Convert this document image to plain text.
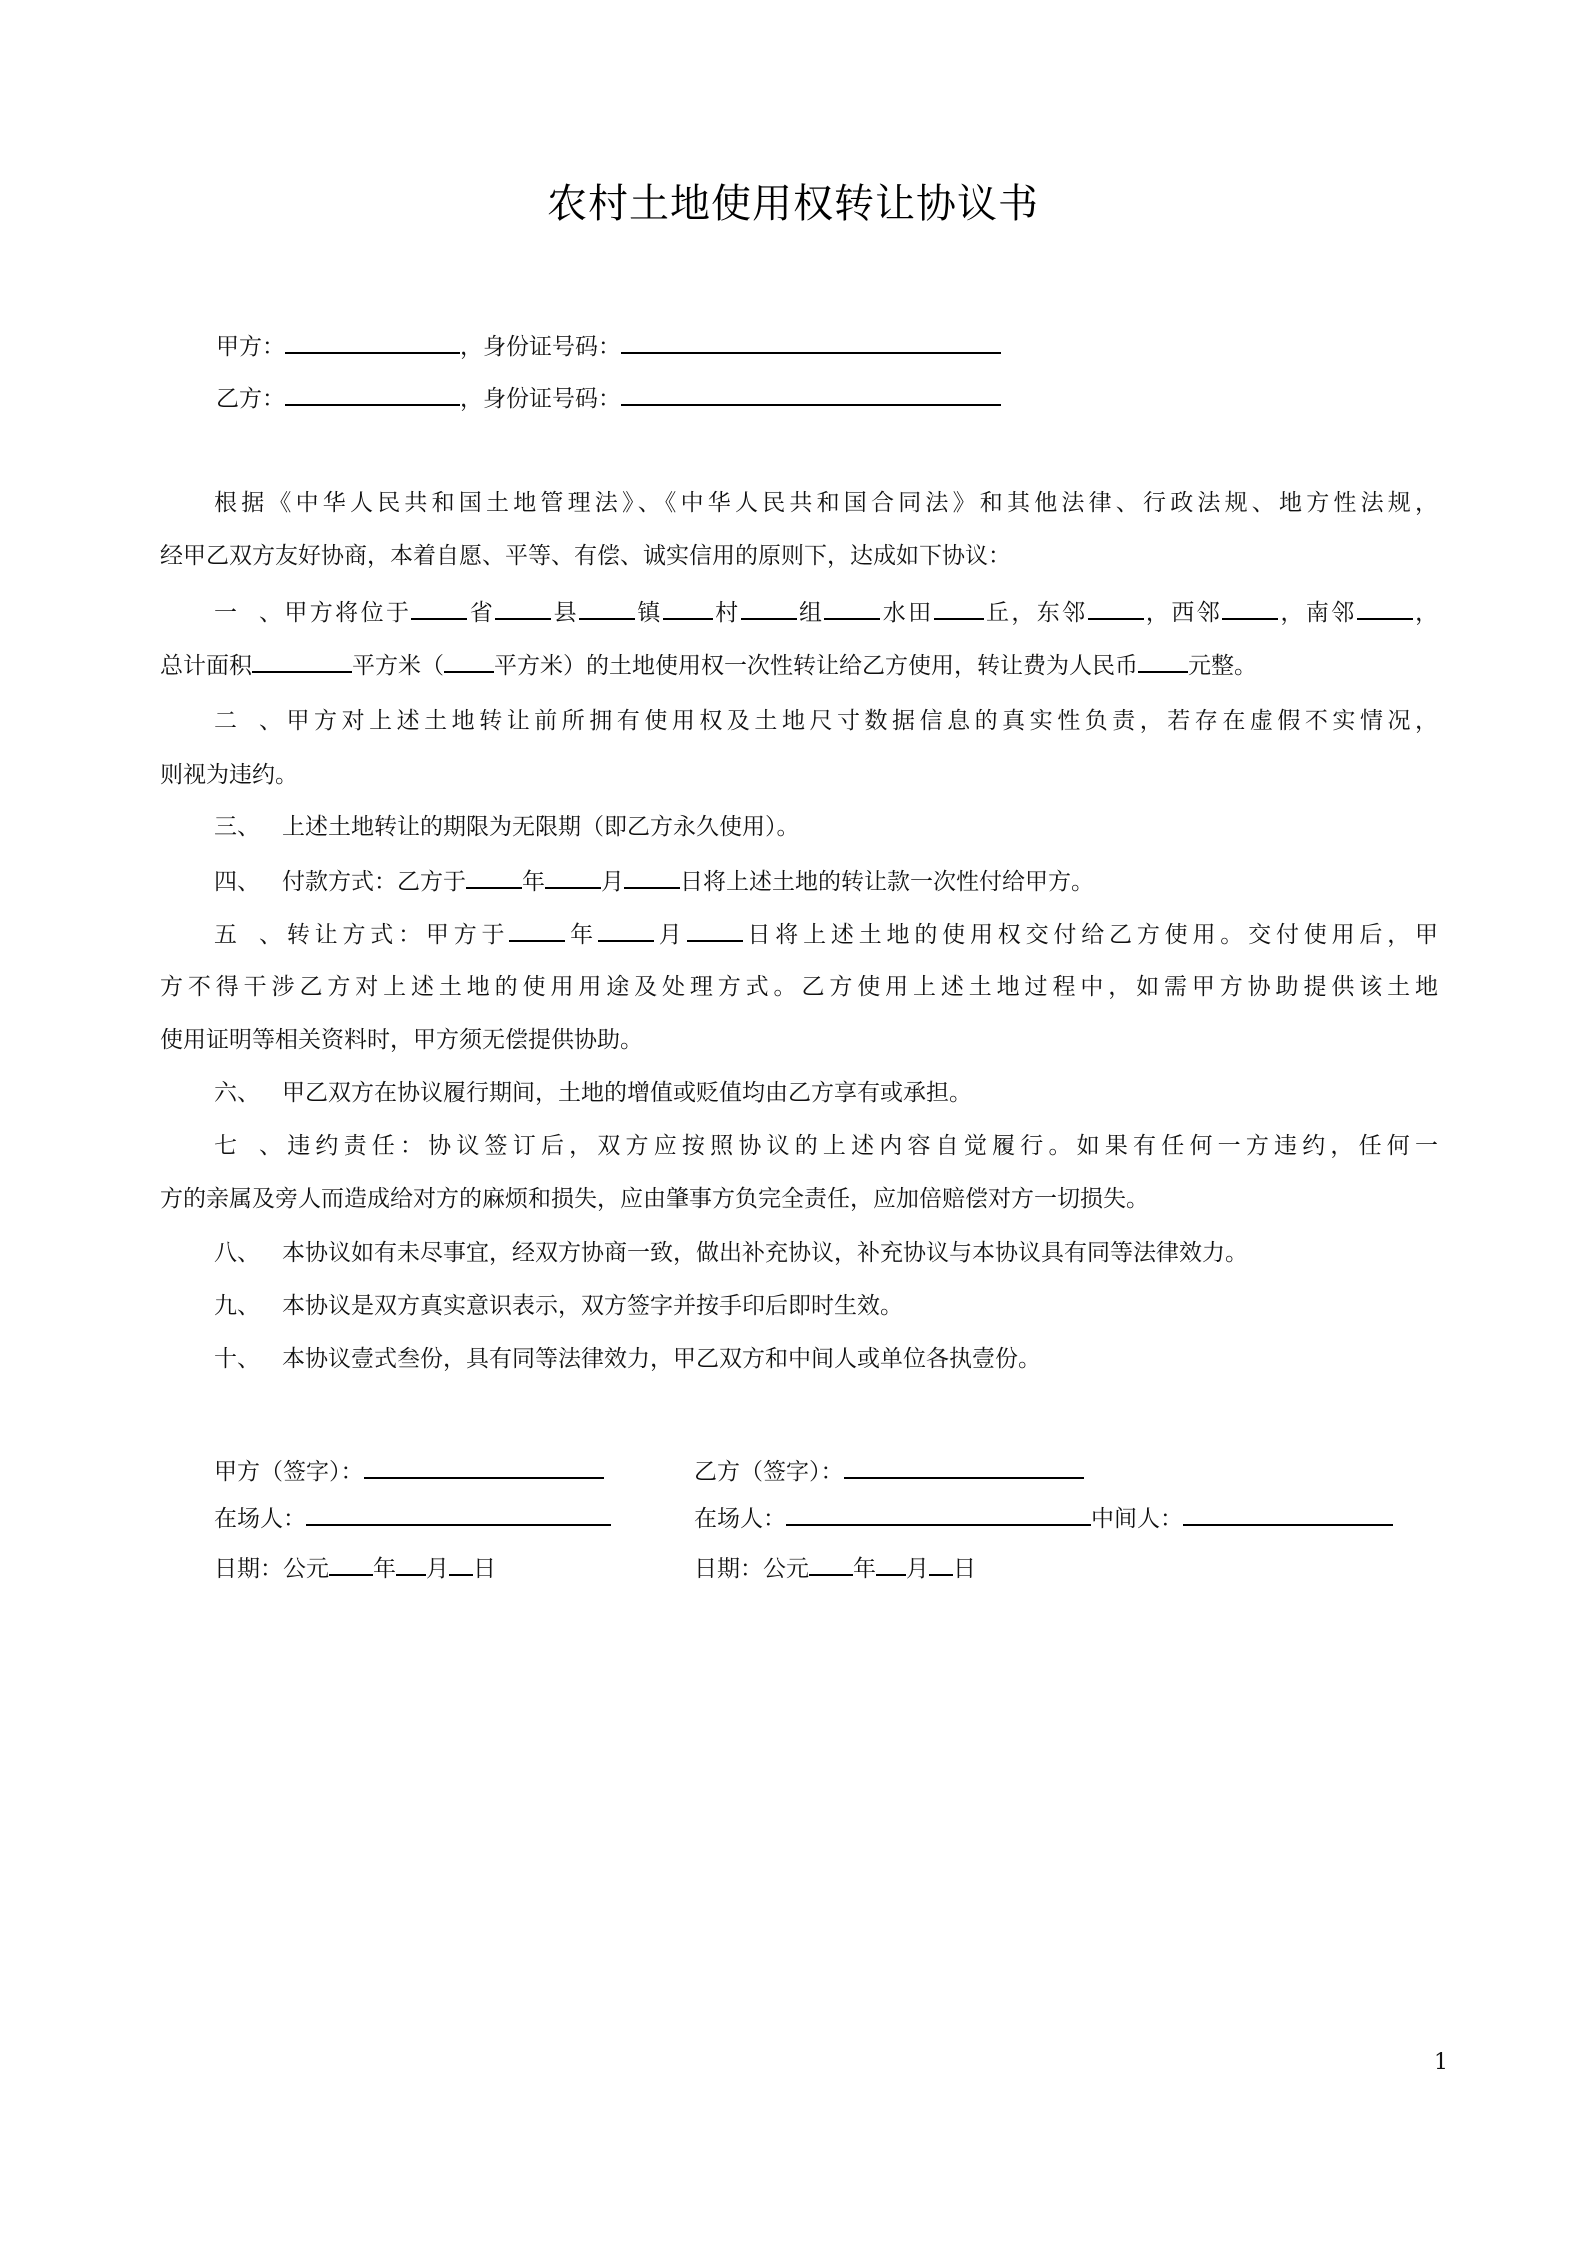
农村土地使用权转让协议书
甲方：	，身份证号码：
乙方：	，身份证号码：
根据《中华人民共和国土地管理法》、《中华人民共和国合同法》和其他法律、行政法规、地方性法规，
经甲乙双方友好协商，本着自愿、平等、有偿、诚实信用的原则下，达成如下协议：
一、甲方将位于 省 县 镇 村 组 水田 丘，东邻 ，西邻 ，南邻 ，
总计面积	平方米（ 平方米）的土地使用权一次性转让给乙方使用，转让费为人民币 元整。
二、甲方对上述土地转让前所拥有使用权及土地尺寸数据信息的真实性负责，若存在虚假不实情况，
则视为违约。
三、 上述土地转让的期限为无限期（即乙方永久使用）。
四、 付款方式：乙方于 年 月 日将上述土地的转让款一次性付给甲方。
五、转让方式：甲方于 年 月 日将上述土地的使用权交付给乙方使用。交付使用后，甲
方不得干涉乙方对上述土地的使用用途及处理方式。乙方使用上述土地过程中，如需甲方协助提供该土地
使用证明等相关资料时，甲方须无偿提供协助。
六、 甲乙双方在协议履行期间，土地的增值或贬值均由乙方享有或承担。
七、违约责任：协议签订后，双方应按照协议的上述内容自觉履行。如果有任何一方违约，任何一
方的亲属及旁人而造成给对方的麻烦和损失，应由肇事方负完全责任，应加倍赔偿对方一切损失。
八、 本协议如有未尽事宜，经双方协商一致，做出补充协议，补充协议与本协议具有同等法律效力。
九、 本协议是双方真实意识表示，双方签字并按手印后即时生效。
十、 本协议壹式叁份，具有同等法律效力，甲乙双方和中间人或单位各执壹份。
甲方（签字）：	乙方（签字）：
在场人：	在场人：	中间人：
日期：公元 年 月 日	日期：公元 年 月 日
1
